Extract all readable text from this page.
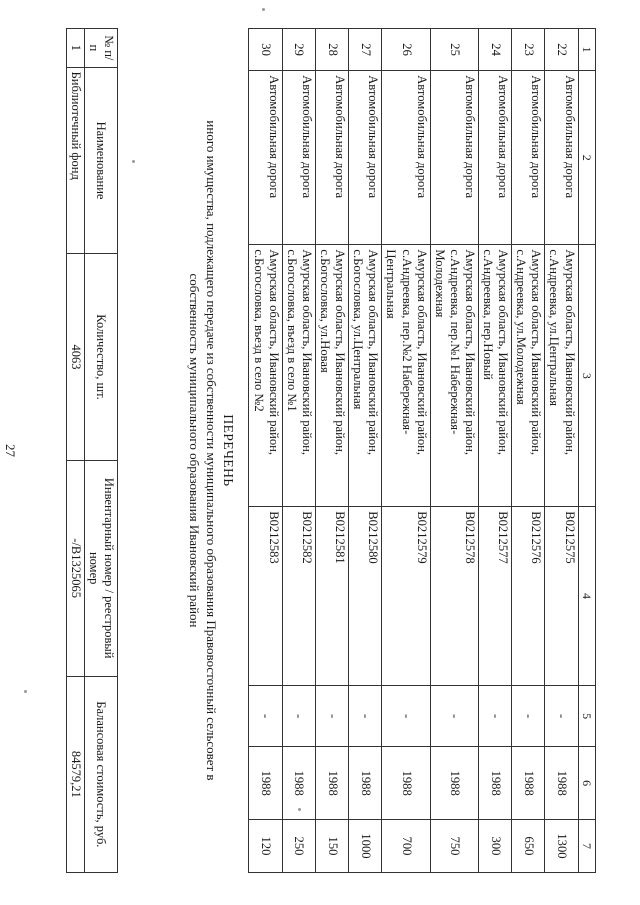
27
1	2	3	4	5	6	7
22	Автомобильная дорога	Амурская область, Ивановский район, с.Андреевка, ул.Центральная	В0212575	-	1988	1300
23	Автомобильная дорога	Амурская область, Ивановский район, с.Андреевка, ул.Молодежная	В0212576	-	1988	650
24	Автомобильная дорога	Амурская область, Ивановский район, с.Андреевка, пер.Новый	В0212577	-	1988	300
25	Автомобильная дорога	Амурская область, Ивановский район, с.Андреевка, пер.№1 Набережная-Молодежная	В0212578	-	1988	750
26	Автомобильная дорога	Амурская область, Ивановский район, с.Андреевка, пер.№2 Набережная-Центральная	В0212579	-	1988	700
27	Автомобильная дорога	Амурская область, Ивановский район, с.Богословка, ул.Центральная	В0212580	-	1988	1000
28	Автомобильная дорога	Амурская область, Ивановский район, с.Богословка, ул.Новая	В0212581	-	1988	150
29	Автомобильная дорога	Амурская область, Ивановский район, с.Богословка, въезд в село №1	В0212582	-	1988	250
30	Автомобильная дорога	Амурская область, Ивановский район, с.Богословка, въезд в село №2	В0212583	-	1988	120
ПЕРЕЧЕНЬ
иного имущества, подлежащего передаче из собственности муниципального образования Правовосточный сельсовет в
собственность муниципального образования Ивановский район
№ п/п	Наименование	Количество, шт.	Инвентарный номер / реестровый номер	Балансовая стоимость, руб.
1	Библиотечный фонд	4063	-/В1325065	84579,21
